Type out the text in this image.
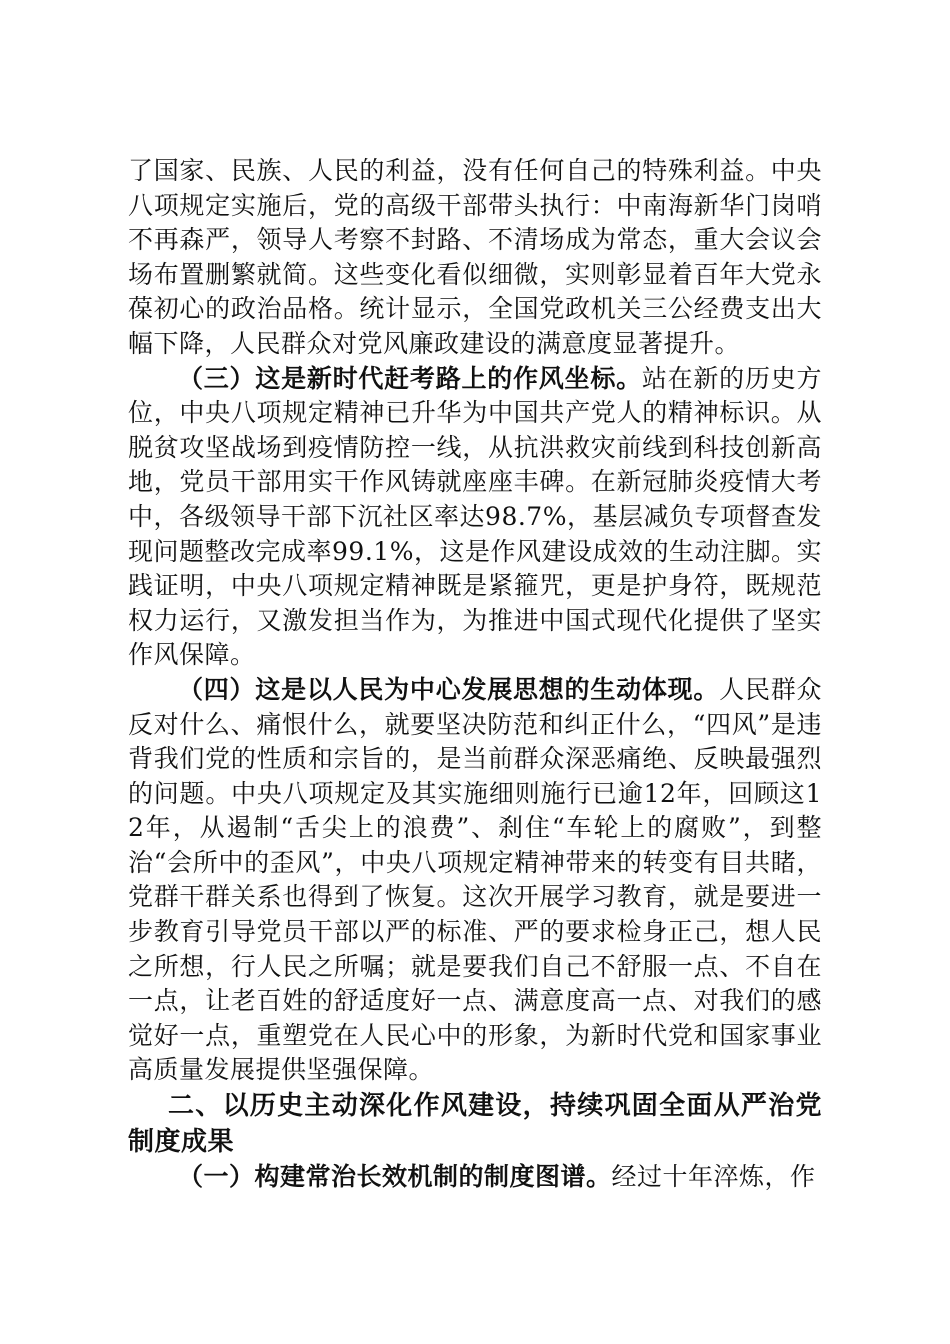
了国家、民族、人民的利益，没有任何自己的特殊利益。中央八项规定实施后，党的高级干部带头执行：中南海新华门岗哨不再森严，领导人考察不封路、不清场成为常态，重大会议会场布置删繁就简。这些变化看似细微，实则彰显着百年大党永葆初心的政治品格。统计显示，全国党政机关三公经费支出大幅下降，人民群众对党风廉政建设的满意度显著提升。

（三）这是新时代赶考路上的作风坐标。站在新的历史方位，中央八项规定精神已升华为中国共产党人的精神标识。从脱贫攻坚战场到疫情防控一线，从抗洪救灾前线到科技创新高地，党员干部用实干作风铸就座座丰碑。在新冠肺炎疫情大考中，各级领导干部下沉社区率达98.7%，基层减负专项督查发现问题整改完成率99.1%，这是作风建设成效的生动注脚。实践证明，中央八项规定精神既是紧箍咒，更是护身符，既规范权力运行，又激发担当作为，为推进中国式现代化提供了坚实作风保障。

（四）这是以人民为中心发展思想的生动体现。人民群众反对什么、痛恨什么，就要坚决防范和纠正什么，“四风”是违背我们党的性质和宗旨的，是当前群众深恶痛绝、反映最强烈的问题。中央八项规定及其实施细则施行已逾12年，回顾这12年，从遏制“舌尖上的浪费”、刹住“车轮上的腐败”，到整治“会所中的歪风”，中央八项规定精神带来的转变有目共睹，党群干群关系也得到了恢复。这次开展学习教育，就是要进一步教育引导党员干部以严的标准、严的要求检身正己，想人民之所想，行人民之所嘱；就是要我们自己不舒服一点、不自在一点，让老百姓的舒适度好一点、满意度高一点、对我们的感觉好一点，重塑党在人民心中的形象，为新时代党和国家事业高质量发展提供坚强保障。

二、以历史主动深化作风建设，持续巩固全面从严治党制度成果

（一）构建常治长效机制的制度图谱。经过十年淬炼，作
